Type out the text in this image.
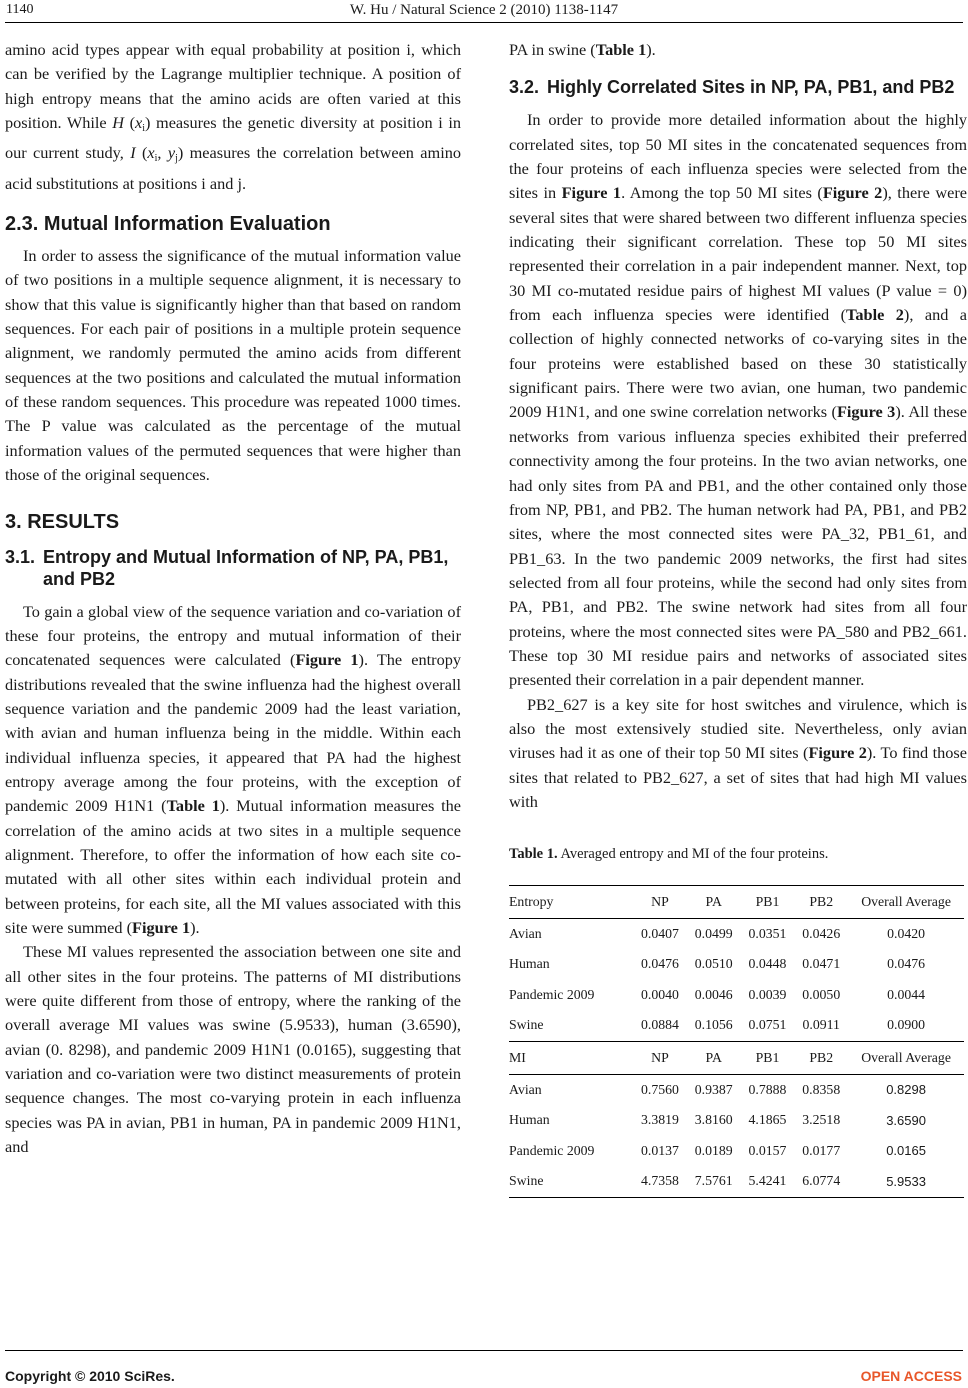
1140	W. Hu / Natural Science 2 (2010) 1138-1147

amino acid types appear with equal probability at position i, which can be verified by the Lagrange multiplier technique. A position of high entropy means that the amino acids are often varied at this position. While H $(x_i)$ measures the genetic diversity at position i in our current study, I ($x_i$, $y_j$) measures the correlation between amino acid substitutions at positions i and j.

2.3. Mutual Information Evaluation

In order to assess the significance of the mutual information value of two positions in a multiple sequence alignment, it is necessary to show that this value is significantly higher than that based on random sequences. For each pair of positions in a multiple protein sequence alignment, we randomly permuted the amino acids from different sequences at the two positions and calculated the mutual information of these random sequences. This procedure was repeated 1000 times. The P value was calculated as the percentage of the mutual information values of the permuted sequences that were higher than those of the original sequences.

3. RESULTS
3.1. Entropy and Mutual Information of NP, PA, PB1, and PB2

To gain a global view of the sequence variation and co-variation of these four proteins, the entropy and mutual information of their concatenated sequences were calculated (Figure 1). The entropy distributions revealed that the swine influenza had the highest overall sequence variation and the pandemic 2009 had the least variation, with avian and human influenza being in the middle. Within each individual influenza species, it appeared that PA had the highest entropy average among the four proteins, with the exception of pandemic 2009 H1N1 (Table 1). Mutual information measures the correlation of the amino acids at two sites in a multiple sequence alignment. Therefore, to offer the information of how each site co-mutated with all other sites within each individual protein and between proteins, for each site, all the MI values associated with this site were summed (Figure 1).

These MI values represented the association between one site and all other sites in the four proteins. The patterns of MI distributions were quite different from those of entropy, where the ranking of the overall average MI values was swine (5.9533), human (3.6590), avian (0. 8298), and pandemic 2009 H1N1 (0.0165), suggesting that variation and co-variation were two distinct measurements of protein sequence changes. The most co-varying protein in each influenza species was PA in avian, PB1 in human, PA in pandemic 2009 H1N1, and

PA in swine (Table 1).

3.2. Highly Correlated Sites in NP, PA, PB1, and PB2

In order to provide more detailed information about the highly correlated sites, top 50 MI sites in the concatenated sequences from the four proteins of each influenza species were selected from the sites in Figure 1. Among the top 50 MI sites (Figure 2), there were several sites that were shared between two different influenza species indicating their significant correlation. These top 50 MI sites represented their correlation in a pair independent manner. Next, top 30 MI co-mutated residue pairs of highest MI values (P value = 0) from each influenza species were identified (Table 2), and a collection of highly connected networks of co-varying sites in the four proteins were established based on these 30 statistically significant pairs. There were two avian, one human, two pandemic 2009 H1N1, and one swine correlation networks (Figure 3). All these networks from various influenza species exhibited their preferred connectivity among the four proteins. In the two avian networks, one had only sites from PA and PB1, and the other contained only those from NP, PB1, and PB2. The human network had PA, PB1, and PB2 sites, where the most connected sites were PA_32, PB1_61, and PB1_63. In the two pandemic 2009 networks, the first had sites selected from all four proteins, while the second had only sites from PA, PB1, and PB2. The swine network had sites from all four proteins, where the most connected sites were PA_580 and PB2_661. These top 30 MI residue pairs and networks of associated sites presented their correlation in a pair dependent manner.

PB2_627 is a key site for host switches and virulence, which is also the most extensively studied site. Nevertheless, only avian viruses had it as one of their top 50 MI sites (Figure 2). To find those sites that related to PB2_627, a set of sites that had high MI values with

Table 1. Averaged entropy and MI of the four proteins.

Entropy	NP	PA	PB1	PB2	Overall Average
Avian	0.0407	0.0499	0.0351	0.0426	0.0420
Human	0.0476	0.0510	0.0448	0.0471	0.0476
Pandemic 2009	0.0040	0.0046	0.0039	0.0050	0.0044
Swine	0.0884	0.1056	0.0751	0.0911	0.0900
MI	NP	PA	PB1	PB2	Overall Average
Avian	0.7560	0.9387	0.7888	0.8358	0.8298
Human	3.3819	3.8160	4.1865	3.2518	3.6590
Pandemic 2009	0.0137	0.0189	0.0157	0.0177	0.0165
Swine	4.7358	7.5761	5.4241	6.0774	5.9533
Copyright © 2010 SciRes.	OPEN ACCESS
